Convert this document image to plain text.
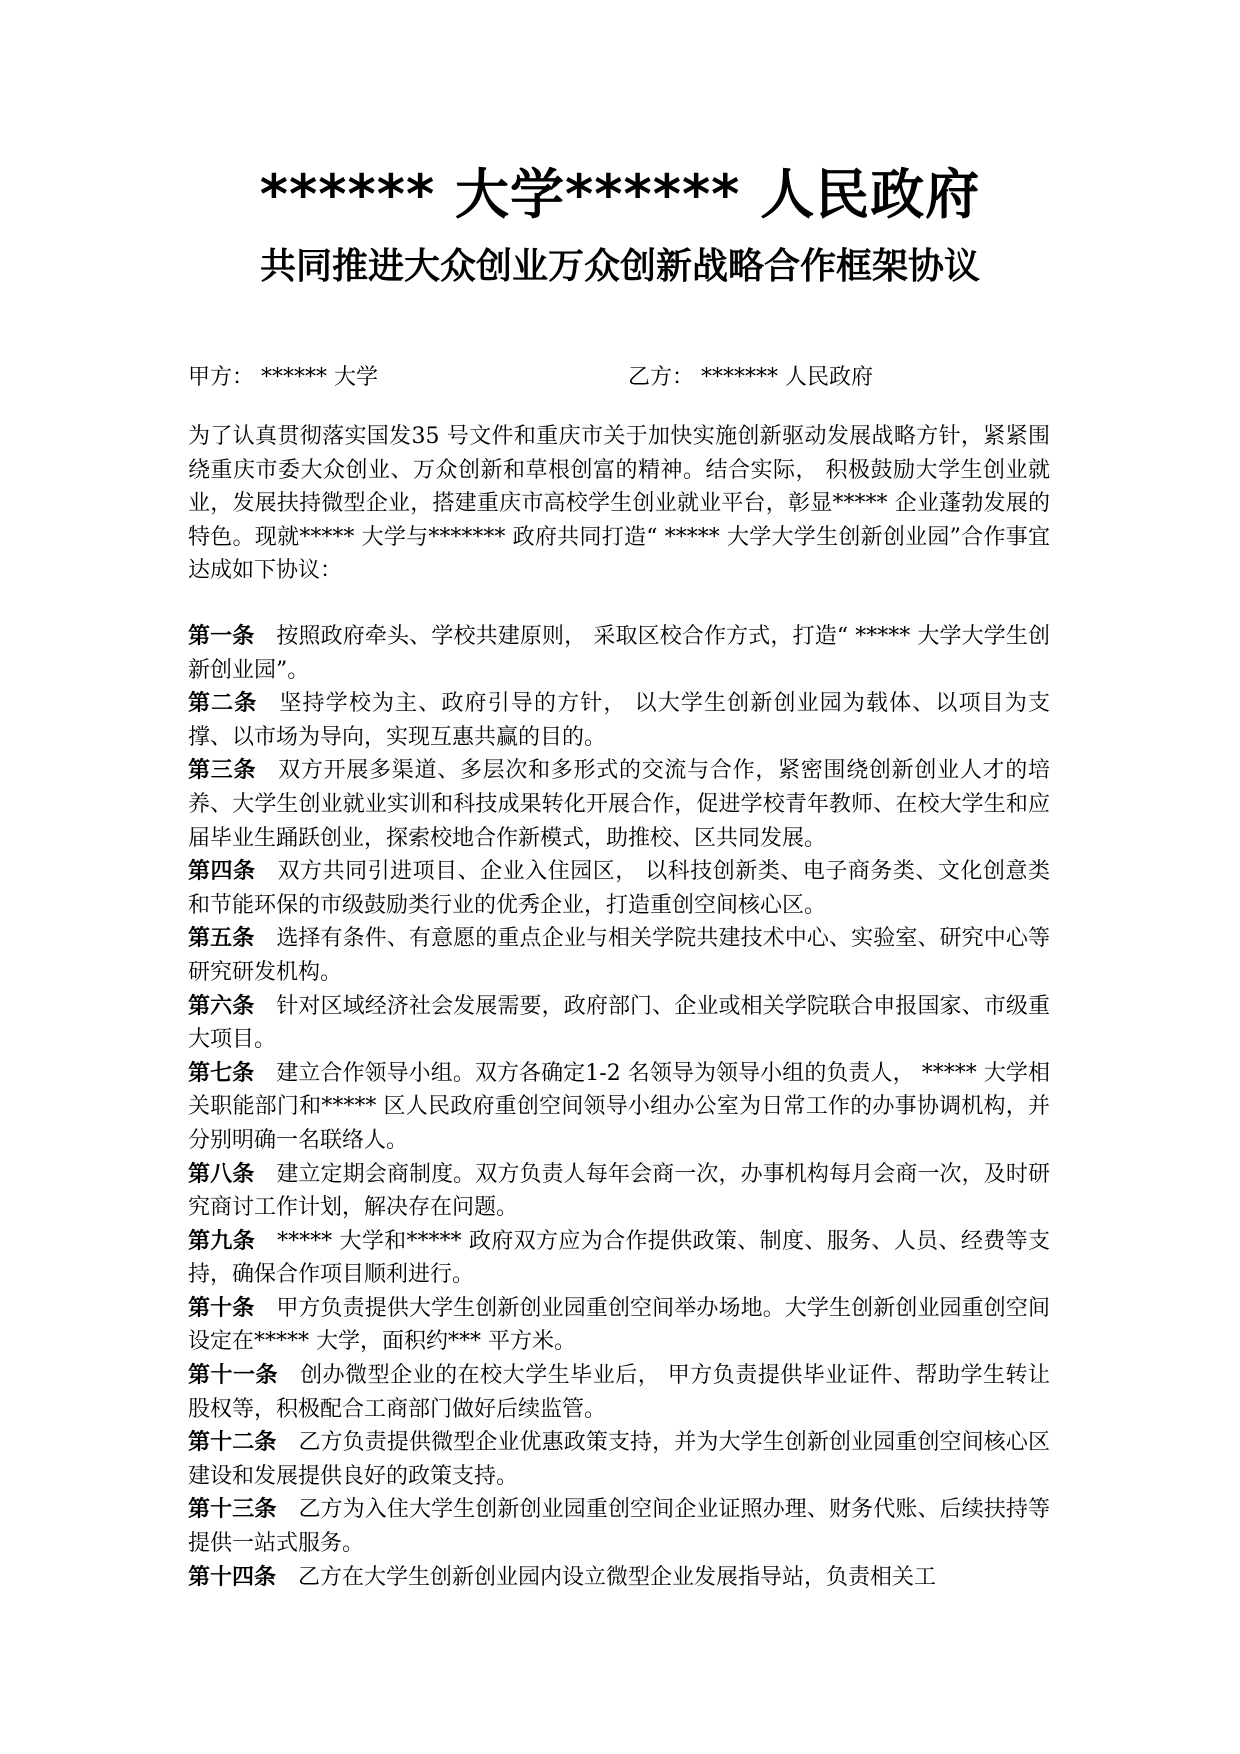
****** 大学****** 人民政府
共同推进大众创业万众创新战略合作框架协议
甲方： ****** 大学	乙方： ******* 人民政府

为了认真贯彻落实国发35 号文件和重庆市关于加快实施创新驱动发展战略方针，紧紧围绕重庆市委大众创业、万众创新和草根创富的精神。结合实际， 积极鼓励大学生创业就业，发展扶持微型企业，搭建重庆市高校学生创业就业平台，彰显***** 企业蓬勃发展的特色。现就***** 大学与******* 政府共同打造“ ***** 大学大学生创新创业园”合作事宜达成如下协议：

第一条 按照政府牵头、学校共建原则， 采取区校合作方式，打造“ ***** 大学大学生创新创业园”。
第二条 坚持学校为主、政府引导的方针， 以大学生创新创业园为载体、以项目为支撑、以市场为导向，实现互惠共赢的目的。
第三条 双方开展多渠道、多层次和多形式的交流与合作，紧密围绕创新创业人才的培养、大学生创业就业实训和科技成果转化开展合作，促进学校青年教师、在校大学生和应届毕业生踊跃创业，探索校地合作新模式，助推校、区共同发展。
第四条 双方共同引进项目、企业入住园区， 以科技创新类、电子商务类、文化创意类和节能环保的市级鼓励类行业的优秀企业，打造重创空间核心区。
第五条 选择有条件、有意愿的重点企业与相关学院共建技术中心、实验室、研究中心等研究研发机构。
第六条 针对区域经济社会发展需要，政府部门、企业或相关学院联合申报国家、市级重大项目。
第七条 建立合作领导小组。双方各确定1-2 名领导为领导小组的负责人， ***** 大学相关职能部门和***** 区人民政府重创空间领导小组办公室为日常工作的办事协调机构，并分别明确一名联络人。
第八条 建立定期会商制度。双方负责人每年会商一次，办事机构每月会商一次，及时研究商讨工作计划，解决存在问题。
第九条 ***** 大学和***** 政府双方应为合作提供政策、制度、服务、人员、经费等支持，确保合作项目顺利进行。
第十条 甲方负责提供大学生创新创业园重创空间举办场地。大学生创新创业园重创空间设定在***** 大学，面积约*** 平方米。
第十一条 创办微型企业的在校大学生毕业后， 甲方负责提供毕业证件、帮助学生转让股权等，积极配合工商部门做好后续监管。
第十二条 乙方负责提供微型企业优惠政策支持，并为大学生创新创业园重创空间核心区建设和发展提供良好的政策支持。
第十三条 乙方为入住大学生创新创业园重创空间企业证照办理、财务代账、后续扶持等提供一站式服务。
第十四条 乙方在大学生创新创业园内设立微型企业发展指导站，负责相关工
